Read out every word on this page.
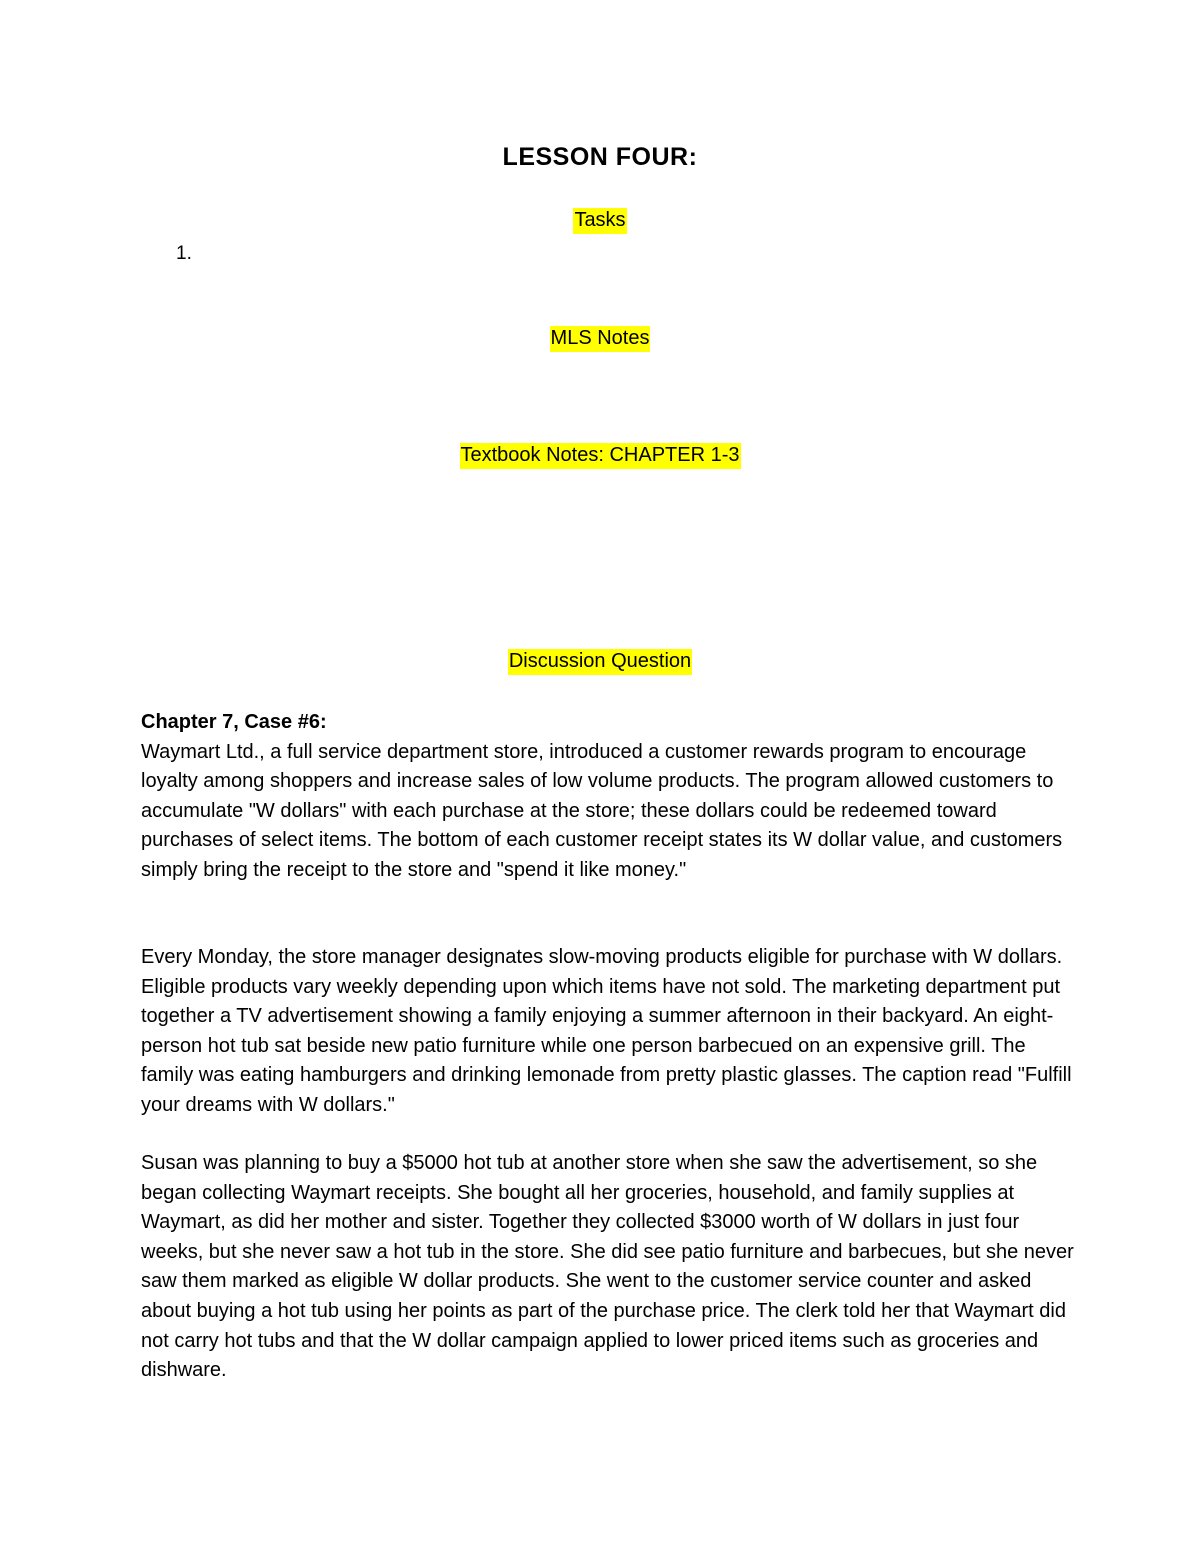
LESSON FOUR:
Tasks
1.
MLS Notes
Textbook Notes: CHAPTER 1-3
Discussion Question
Chapter 7, Case #6:
Waymart Ltd., a full service department store, introduced a customer rewards program to encourage loyalty among shoppers and increase sales of low volume products. The program allowed customers to accumulate "W dollars" with each purchase at the store; these dollars could be redeemed toward purchases of select items. The bottom of each customer receipt states its W dollar value, and customers simply bring the receipt to the store and "spend it like money."
Every Monday, the store manager designates slow-moving products eligible for purchase with W dollars. Eligible products vary weekly depending upon which items have not sold. The marketing department put together a TV advertisement showing a family enjoying a summer afternoon in their backyard. An eight-person hot tub sat beside new patio furniture while one person barbecued on an expensive grill. The family was eating hamburgers and drinking lemonade from pretty plastic glasses. The caption read "Fulfill your dreams with W dollars."
Susan was planning to buy a $5000 hot tub at another store when she saw the advertisement, so she began collecting Waymart receipts. She bought all her groceries, household, and family supplies at Waymart, as did her mother and sister. Together they collected $3000 worth of W dollars in just four weeks, but she never saw a hot tub in the store. She did see patio furniture and barbecues, but she never saw them marked as eligible W dollar products. She went to the customer service counter and asked about buying a hot tub using her points as part of the purchase price. The clerk told her that Waymart did not carry hot tubs and that the W dollar campaign applied to lower priced items such as groceries and dishware.
